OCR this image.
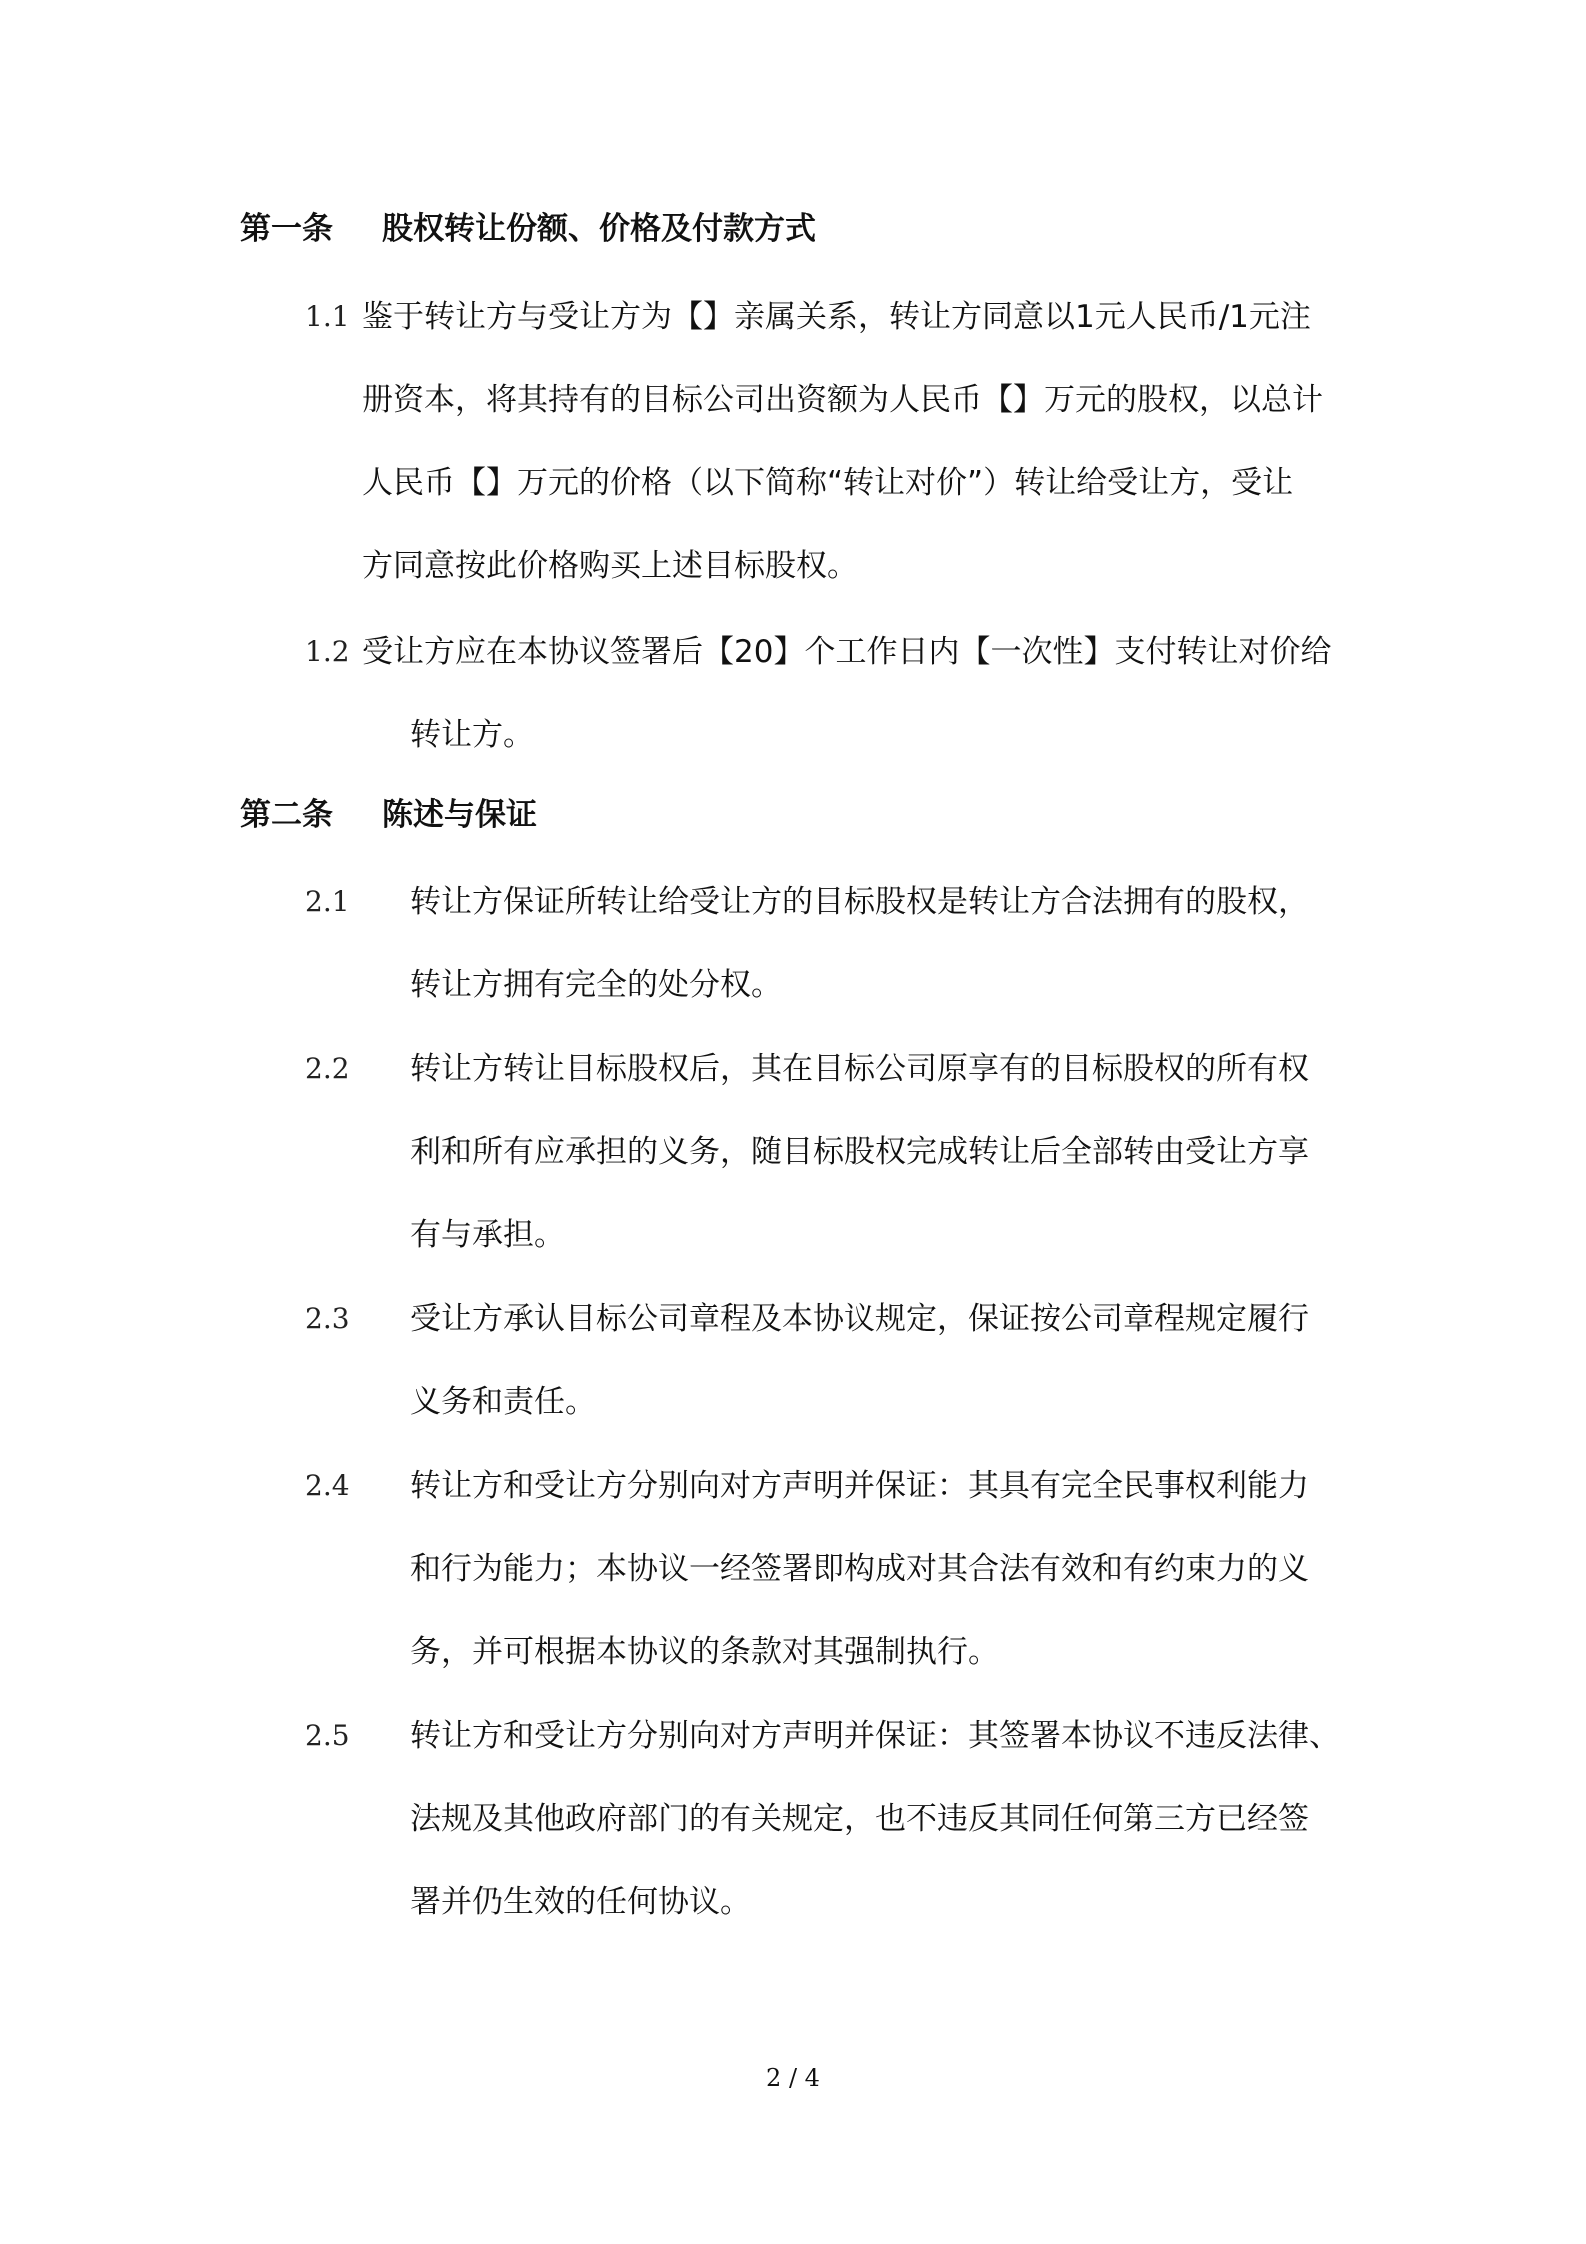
第一条 股权转让份额、价格及付款方式
1.1 鉴于转让方与受让方为【】亲属关系，转让方同意以1元人民币/1元注
册资本，将其持有的目标公司出资额为人民币【】万元的股权，以总计
人民币【】万元的价格（以下简称“转让对价”）转让给受让方，受让
方同意按此价格购买上述目标股权。
1.2 受让方应在本协议签署后【20】个工作日内【一次性】支付转让对价给
转让方。
第二条 陈述与保证
2.1 转让方保证所转让给受让方的目标股权是转让方合法拥有的股权，
转让方拥有完全的处分权。
2.2 转让方转让目标股权后，其在目标公司原享有的目标股权的所有权
利和所有应承担的义务，随目标股权完成转让后全部转由受让方享
有与承担。
2.3 受让方承认目标公司章程及本协议规定，保证按公司章程规定履行
义务和责任。
2.4 转让方和受让方分别向对方声明并保证：其具有完全民事权利能力
和行为能力；本协议一经签署即构成对其合法有效和有约束力的义
务，并可根据本协议的条款对其强制执行。
2.5 转让方和受让方分别向对方声明并保证：其签署本协议不违反法律、
法规及其他政府部门的有关规定，也不违反其同任何第三方已经签
署并仍生效的任何协议。
2 / 4
